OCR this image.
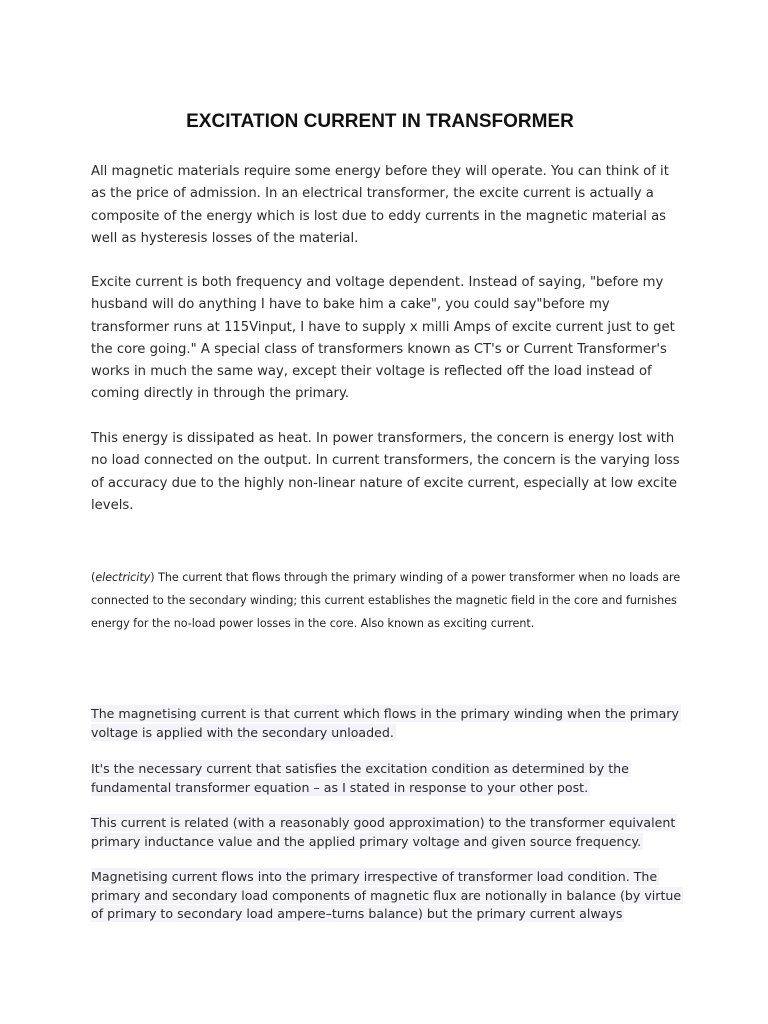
EXCITATION CURRENT IN TRANSFORMER

All magnetic materials require some energy before they will operate. You can think of it as the price of admission. In an electrical transformer, the excite current is actually a composite of the energy which is lost due to eddy currents in the magnetic material as well as hysteresis losses of the material.

Excite current is both frequency and voltage dependent. Instead of saying, "before my husband will do anything I have to bake him a cake", you could say"before my transformer runs at 115Vinput, I have to supply x milli Amps of excite current just to get the core going." A special class of transformers known as CT's or Current Transformer's works in much the same way, except their voltage is reflected off the load instead of coming directly in through the primary.

This energy is dissipated as heat. In power transformers, the concern is energy lost with no load connected on the output. In current transformers, the concern is the varying loss of accuracy due to the highly non-linear nature of excite current, especially at low excite levels.

(electricity) The current that flows through the primary winding of a power transformer when no loads are connected to the secondary winding; this current establishes the magnetic field in the core and furnishes energy for the no-load power losses in the core. Also known as exciting current.

The magnetising current is that current which flows in the primary winding when the primary voltage is applied with the secondary unloaded.

It's the necessary current that satisfies the excitation condition as determined by the fundamental transformer equation – as I stated in response to your other post.

This current is related (with a reasonably good approximation) to the transformer equivalent primary inductance value and the applied primary voltage and given source frequency.

Magnetising current flows into the primary irrespective of transformer load condition. The primary and secondary load components of magnetic flux are notionally in balance (by virtue of primary to secondary load ampere–turns balance) but the primary current always
